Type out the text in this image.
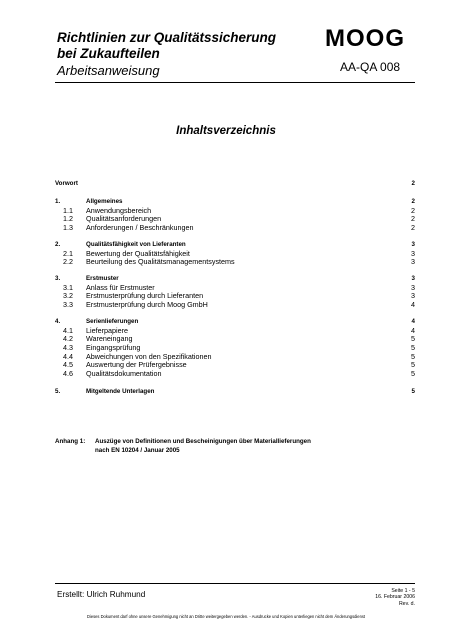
Richtlinien zur Qualitätssicherung
bei Zukaufteilen
Arbeitsanweisung
MOOG
AA-QA 008
Inhaltsverzeichnis
Vorwort	2
1.	Allgemeines	2
1.1 Anwendungsbereich	2
1.2 Qualitätsanforderungen	2
1.3 Anforderungen / Beschränkungen	2
2.	Qualitätsfähigkeit von Lieferanten	3
2.1 Bewertung der Qualitätsfähigkeit	3
2.2 Beurteilung des Qualitätsmanagementsystems	3
3.	Erstmuster	3
3.1 Anlass für Erstmuster	3
3.2 Erstmusterprüfung durch Lieferanten	3
3.3 Erstmusterprüfung durch Moog GmbH	4
4.	Serienlieferungen	4
4.1 Lieferpapiere	4
4.2 Wareneingang	5
4.3 Eingangsprüfung	5
4.4 Abweichungen von den Spezifikationen	5
4.5 Auswertung der Prüfergebnisse	5
4.6 Qualitätsdokumentation	5
5.	Mitgeltende Unterlagen	5
Anhang 1: Auszüge von Definitionen und Bescheinigungen über Materiallieferungen
nach EN 10204 / Januar 2005
Erstellt: Ulrich Ruhmund	Seite 1 - 5
16. Februar 2006
Rev. d.
Dieses Dokument darf ohne unsere Genehmigung nicht an Dritte weitergegeben werden. - Ausdrucke und Kopien unterliegen nicht dem Änderungsdienst
